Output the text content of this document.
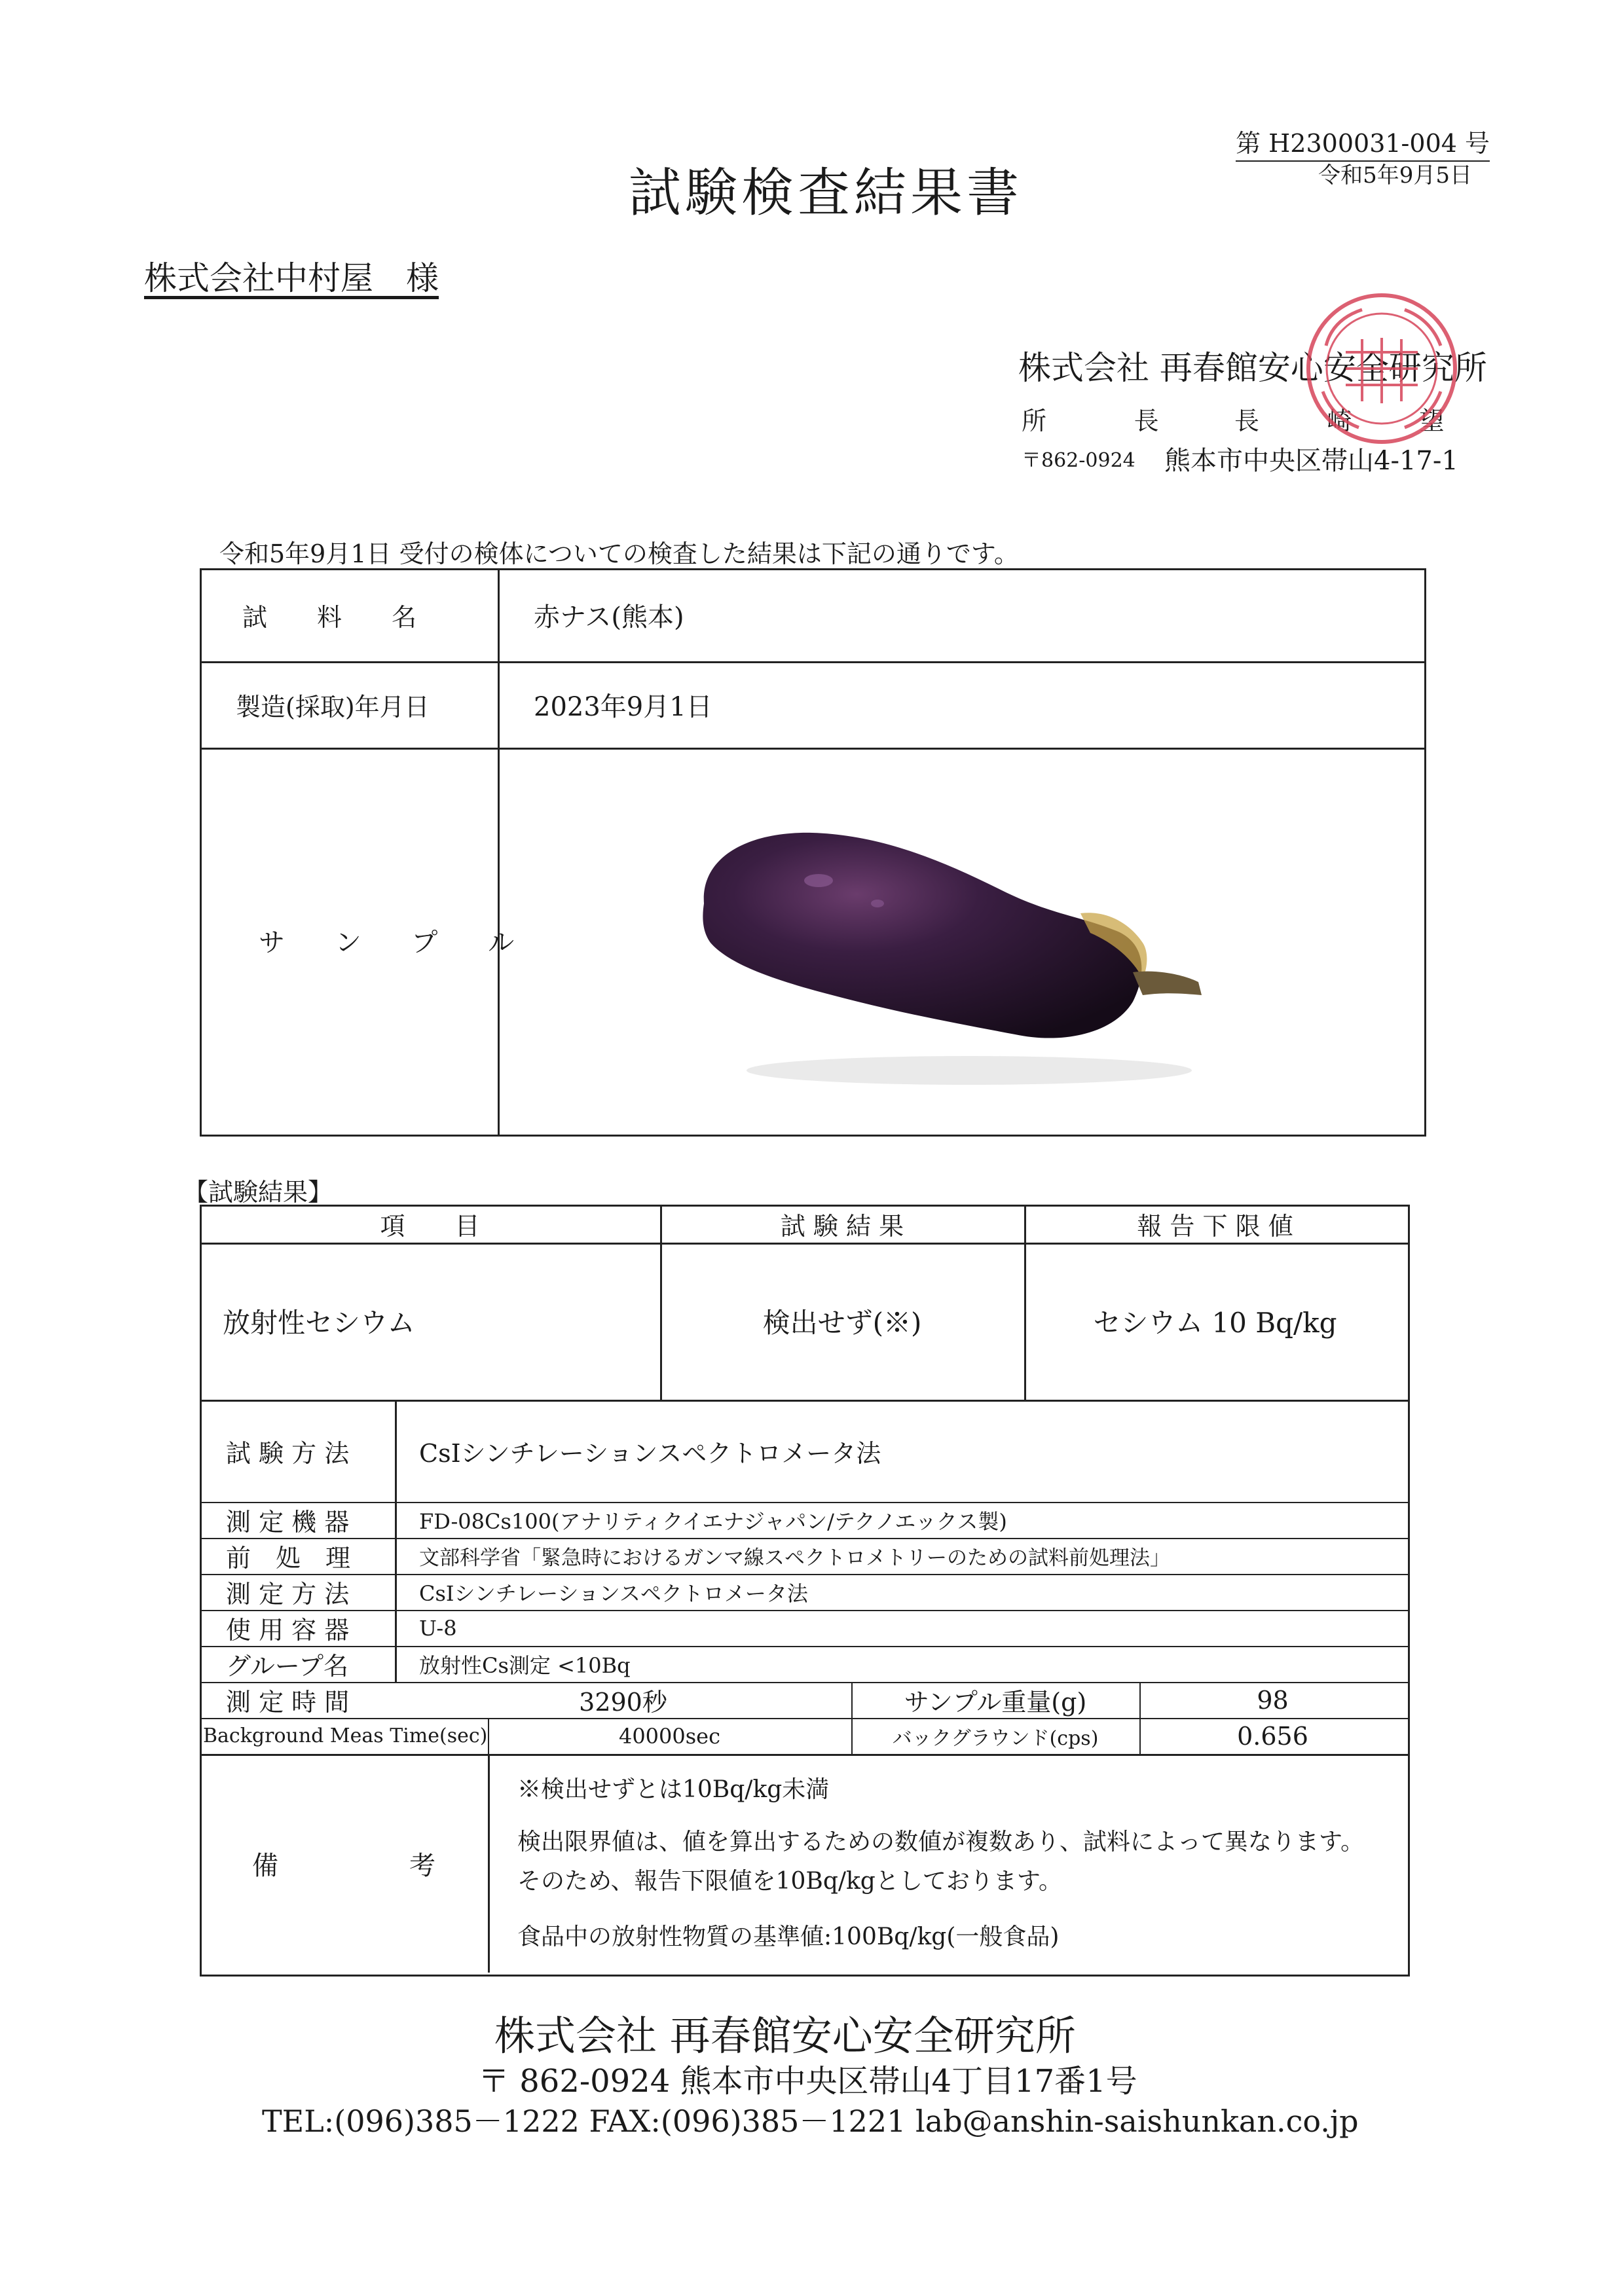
第 H2300031-004 号
令和5年9月5日
試験検査結果書
株式会社中村屋　様
株式会社 再春館安心安全研究所
所 長 長 崎 望
〒862-0924 熊本市中央区帯山4-17-1
令和5年9月1日 受付の検体についての検査した結果は下記の通りです。
試　料　名	赤ナス(熊本)
製造(採取)年月日	2023年9月1日
サ ン プ ル
【試験結果】
項　　目	試 験 結 果	報 告 下 限 値
放射性セシウム	検出せず(※)	セシウム 10 Bq/kg
試 験 方 法	CsIシンチレーションスペクトロメータ法
測 定 機 器	FD-08Cs100(アナリティクイエナジャパン/テクノエックス製)
前　処　理	文部科学省「緊急時におけるガンマ線スペクトロメトリーのための試料前処理法」
測 定 方 法	CsIシンチレーションスペクトロメータ法
使 用 容 器	U-8
グループ名	放射性Cs測定 <10Bq
測 定 時 間	3290秒	サンプル重量(g)	98
Background Meas Time(sec)	40000sec	バックグラウンド(cps)	0.656
備　　　　　考
※検出せずとは10Bq/kg未満
検出限界値は、値を算出するための数値が複数あり、試料によって異なります。
そのため、報告下限値を10Bq/kgとしております。
食品中の放射性物質の基準値:100Bq/kg(一般食品)
株式会社 再春館安心安全研究所
〒 862-0924 熊本市中央区帯山4丁目17番1号
TEL:(096)385－1222 FAX:(096)385－1221 lab@anshin-saishunkan.co.jp
